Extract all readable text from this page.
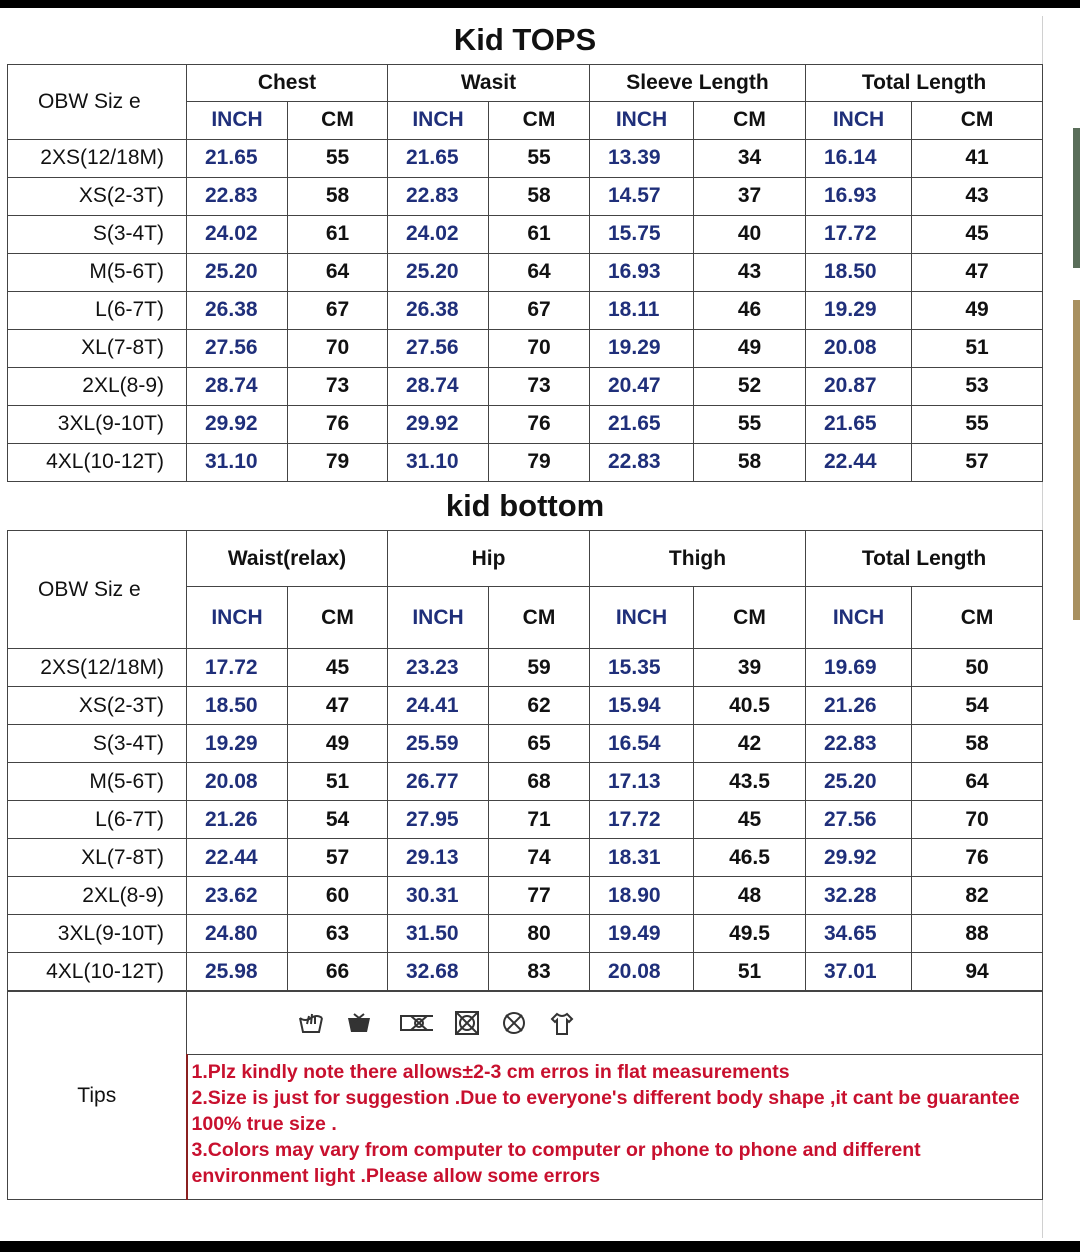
Kid TOPS								
OBW Siz e	Chest		Wasit		Sleeve Length		Total Length	
	INCH	CM	INCH	CM	INCH	CM	INCH	CM
2XS(12/18M)	21.65	55	21.65	55	13.39	34	16.14	41
XS(2-3T)	22.83	58	22.83	58	14.57	37	16.93	43
S(3-4T)	24.02	61	24.02	61	15.75	40	17.72	45
M(5-6T)	25.20	64	25.20	64	16.93	43	18.50	47
L(6-7T)	26.38	67	26.38	67	18.11	46	19.29	49
XL(7-8T)	27.56	70	27.56	70	19.29	49	20.08	51
2XL(8-9)	28.74	73	28.74	73	20.47	52	20.87	53
3XL(9-10T)	29.92	76	29.92	76	21.65	55	21.65	55
4XL(10-12T)	31.10	79	31.10	79	22.83	58	22.44	57
kid bottom								
OBW Siz e	Waist(relax)		Hip		Thigh		Total Length	
	INCH	CM	INCH	CM	INCH	CM	INCH	CM
2XS(12/18M)	17.72	45	23.23	59	15.35	39	19.69	50
XS(2-3T)	18.50	47	24.41	62	15.94	40.5	21.26	54
S(3-4T)	19.29	49	25.59	65	16.54	42	22.83	58
M(5-6T)	20.08	51	26.77	68	17.13	43.5	25.20	64
L(6-7T)	21.26	54	27.95	71	17.72	45	27.56	70
XL(7-8T)	22.44	57	29.13	74	18.31	46.5	29.92	76
2XL(8-9)	23.62	60	30.31	77	18.90	48	32.28	82
3XL(9-10T)	24.80	63	31.50	80	19.49	49.5	34.65	88
4XL(10-12T)	25.98	66	32.68	83	20.08	51	37.01	94
Tips	

1.Plz kindly note there allows±2-3 cm erros in flat measurements
2.Size is just for suggestion .Due to everyone's different body shape ,it cant be guarantee 100% true size .
3.Colors may vary from computer to computer or phone to phone and different environment light .Please allow some errors
